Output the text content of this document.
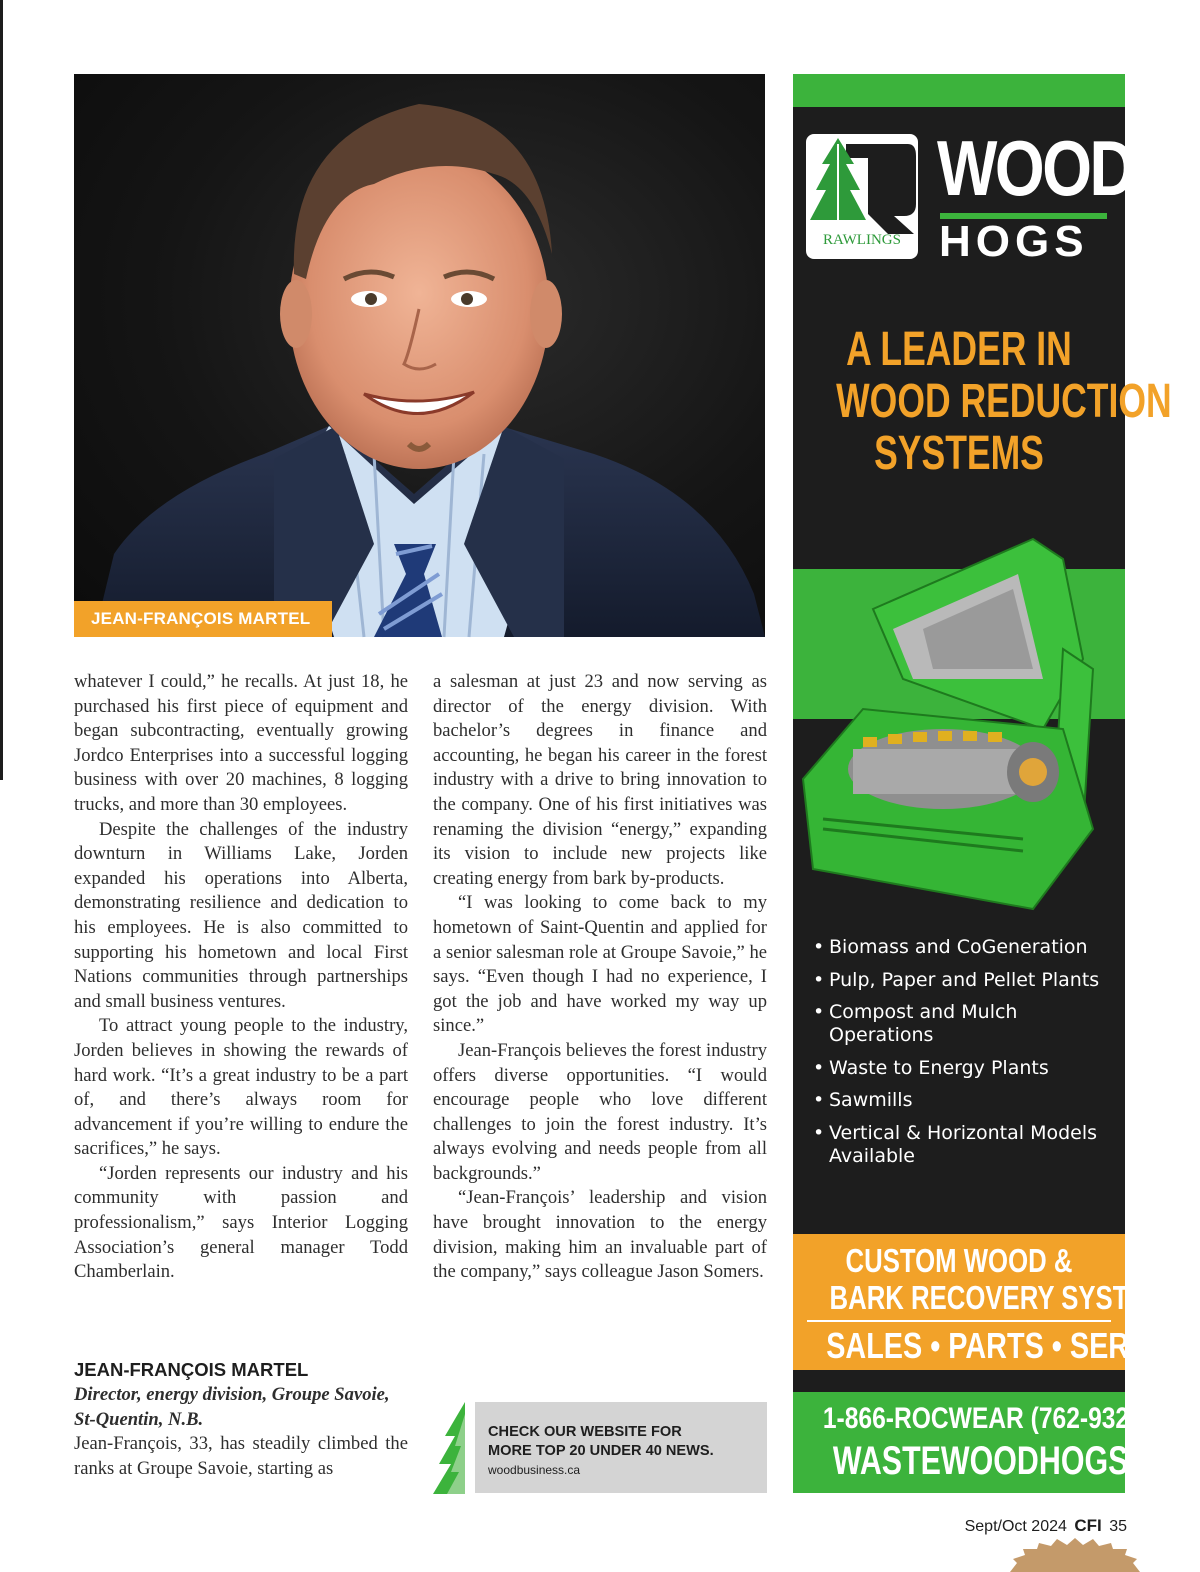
JEAN-FRANÇOIS MARTEL

whatever I could,” he recalls. At just 18, he purchased his first piece of equipment and began subcontracting, eventually growing Jordco Enterprises into a successful logging business with over 20 machines, 8 logging trucks, and more than 30 employees.

Despite the challenges of the industry downturn in Williams Lake, Jorden expanded his operations into Alberta, demonstrating resilience and dedication to his employees. He is also committed to supporting his hometown and local First Nations communities through partnerships and small business ventures.

To attract young people to the industry, Jorden believes in showing the rewards of hard work. “It’s a great industry to be a part of, and there’s always room for advancement if you’re willing to endure the sacrifices,” he says.

“Jorden represents our industry and his community with passion and professionalism,” says Interior Logging Association’s general manager Todd Chamberlain.

JEAN-FRANÇOIS MARTEL
Director, energy division, Groupe Savoie, St-Quentin, N.B.
Jean-François, 33, has steadily climbed the ranks at Groupe Savoie, starting as

a salesman at just 23 and now serving as director of the energy division. With bachelor’s degrees in finance and accounting, he began his career in the forest industry with a drive to bring innovation to the company. One of his first initiatives was renaming the division “energy,” expanding its vision to include new projects like creating energy from bark by-products.

“I was looking to come back to my hometown of Saint-Quentin and applied for a senior salesman role at Groupe Savoie,” he says. “Even though I had no experience, I got the job and have worked my way up since.”

Jean-François believes the forest industry offers diverse opportunities. “I would encourage people who love different challenges to join the forest industry. It’s always evolving and needs people from all backgrounds.”

“Jean-François’ leadership and vision have brought innovation to the energy division, making him an invaluable part of the company,” says colleague Jason Somers.

CHECK OUR WEBSITE FOR
MORE TOP 20 UNDER 40 NEWS.
woodbusiness.ca
RAWLINGS
WOOD
HOGS
A LEADER IN
WOOD REDUCTION
SYSTEMS
• Biomass and CoGeneration
• Pulp, Paper and Pellet Plants
• Compost and Mulch Operations
• Waste to Energy Plants
• Sawmills
• Vertical & Horizontal Models Available
CUSTOM WOOD &
BARK RECOVERY SYSTEMS
SALES • PARTS • SERVICE
1-866-ROCWEAR (762-9327)
WASTEWOODHOGS.com
Sept/Oct 2024 CFI 35
